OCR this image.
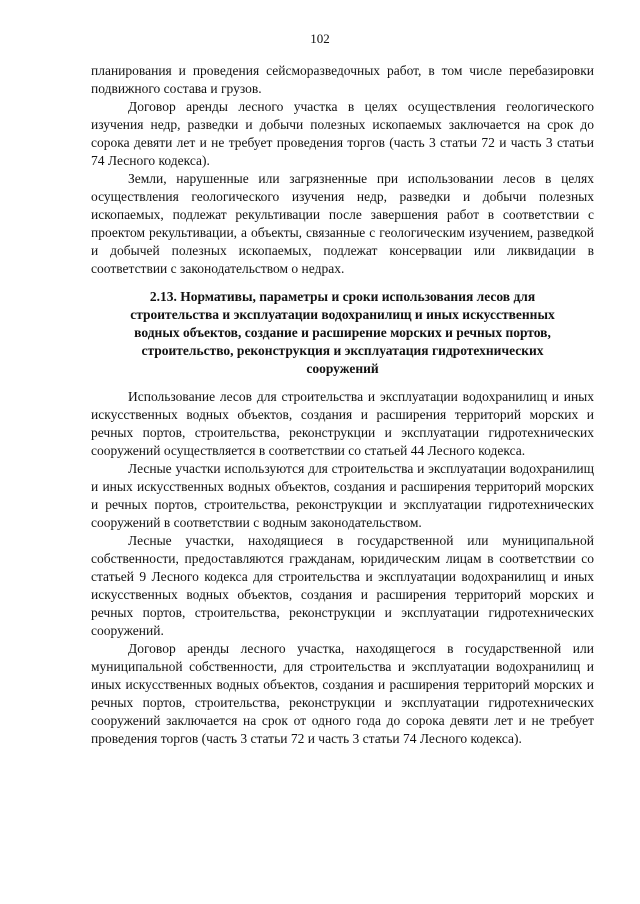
102

планирования и проведения сейсморазведочных работ, в том числе перебазировки подвижного состава и грузов.

Договор аренды лесного участка в целях осуществления геологического изучения недр, разведки и добычи полезных ископаемых заключается на срок до сорока девяти лет и не требует проведения торгов (часть 3 статьи 72 и часть 3 статьи 74 Лесного кодекса).

Земли, нарушенные или загрязненные при использовании лесов в целях осуществления геологического изучения недр, разведки и добычи полезных ископаемых, подлежат рекультивации после завершения работ в соответствии с проектом рекультивации, а объекты, связанные с геологическим изучением, разведкой и добычей полезных ископаемых, подлежат консервации или ликвидации в соответствии с законодательством о недрах.

2.13. Нормативы, параметры и сроки использования лесов для строительства и эксплуатации водохранилищ и иных искусственных водных объектов, создание и расширение морских и речных портов, строительство, реконструкция и эксплуатация гидротехнических сооружений

Использование лесов для строительства и эксплуатации водохранилищ и иных искусственных водных объектов, создания и расширения территорий морских и речных портов, строительства, реконструкции и эксплуатации гидротехнических сооружений осуществляется в соответствии со статьей 44 Лесного кодекса.

Лесные участки используются для строительства и эксплуатации водохранилищ и иных искусственных водных объектов, создания и расширения территорий морских и речных портов, строительства, реконструкции и эксплуатации гидротехнических сооружений в соответствии с водным законодательством.

Лесные участки, находящиеся в государственной или муниципальной собственности, предоставляются гражданам, юридическим лицам в соответствии со статьей 9 Лесного кодекса для строительства и эксплуатации водохранилищ и иных искусственных водных объектов, создания и расширения территорий морских и речных портов, строительства, реконструкции и эксплуатации гидротехнических сооружений.

Договор аренды лесного участка, находящегося в государственной или муниципальной собственности, для строительства и эксплуатации водохранилищ и иных искусственных водных объектов, создания и расширения территорий морских и речных портов, строительства, реконструкции и эксплуатации гидротехнических сооружений заключается на срок от одного года до сорока девяти лет и не требует проведения торгов (часть 3 статьи 72 и часть 3 статьи 74 Лесного кодекса).
